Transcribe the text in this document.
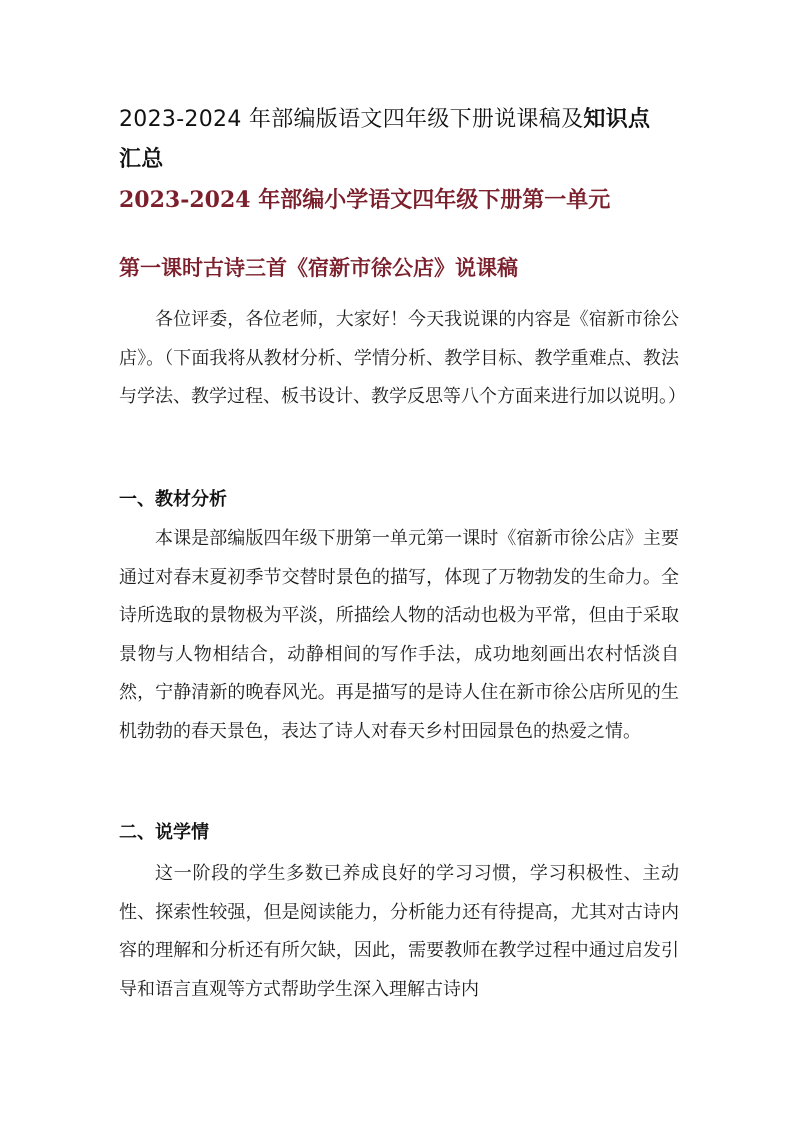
2023-2024 年部编版语文四年级下册说课稿及知识点
汇总
2023-2024 年部编小学语文四年级下册第一单元
第一课时古诗三首《宿新市徐公店》说课稿

各位评委，各位老师，大家好！今天我说课的内容是《宿新市徐公店》。（下面我将从教材分析、学情分析、教学目标、教学重难点、教法与学法、教学过程、板书设计、教学反思等八个方面来进行加以说明。）

一、教材分析

本课是部编版四年级下册第一单元第一课时《宿新市徐公店》主要通过对春末夏初季节交替时景色的描写，体现了万物勃发的生命力。全诗所选取的景物极为平淡，所描绘人物的活动也极为平常，但由于采取景物与人物相结合，动静相间的写作手法，成功地刻画出农村恬淡自然，宁静清新的晚春风光。再是描写的是诗人住在新市徐公店所见的生机勃勃的春天景色，表达了诗人对春天乡村田园景色的热爱之情。

二、说学情

这一阶段的学生多数已养成良好的学习习惯，学习积极性、主动性、探索性较强，但是阅读能力，分析能力还有待提高，尤其对古诗内容的理解和分析还有所欠缺，因此，需要教师在教学过程中通过启发引导和语言直观等方式帮助学生深入理解古诗内
